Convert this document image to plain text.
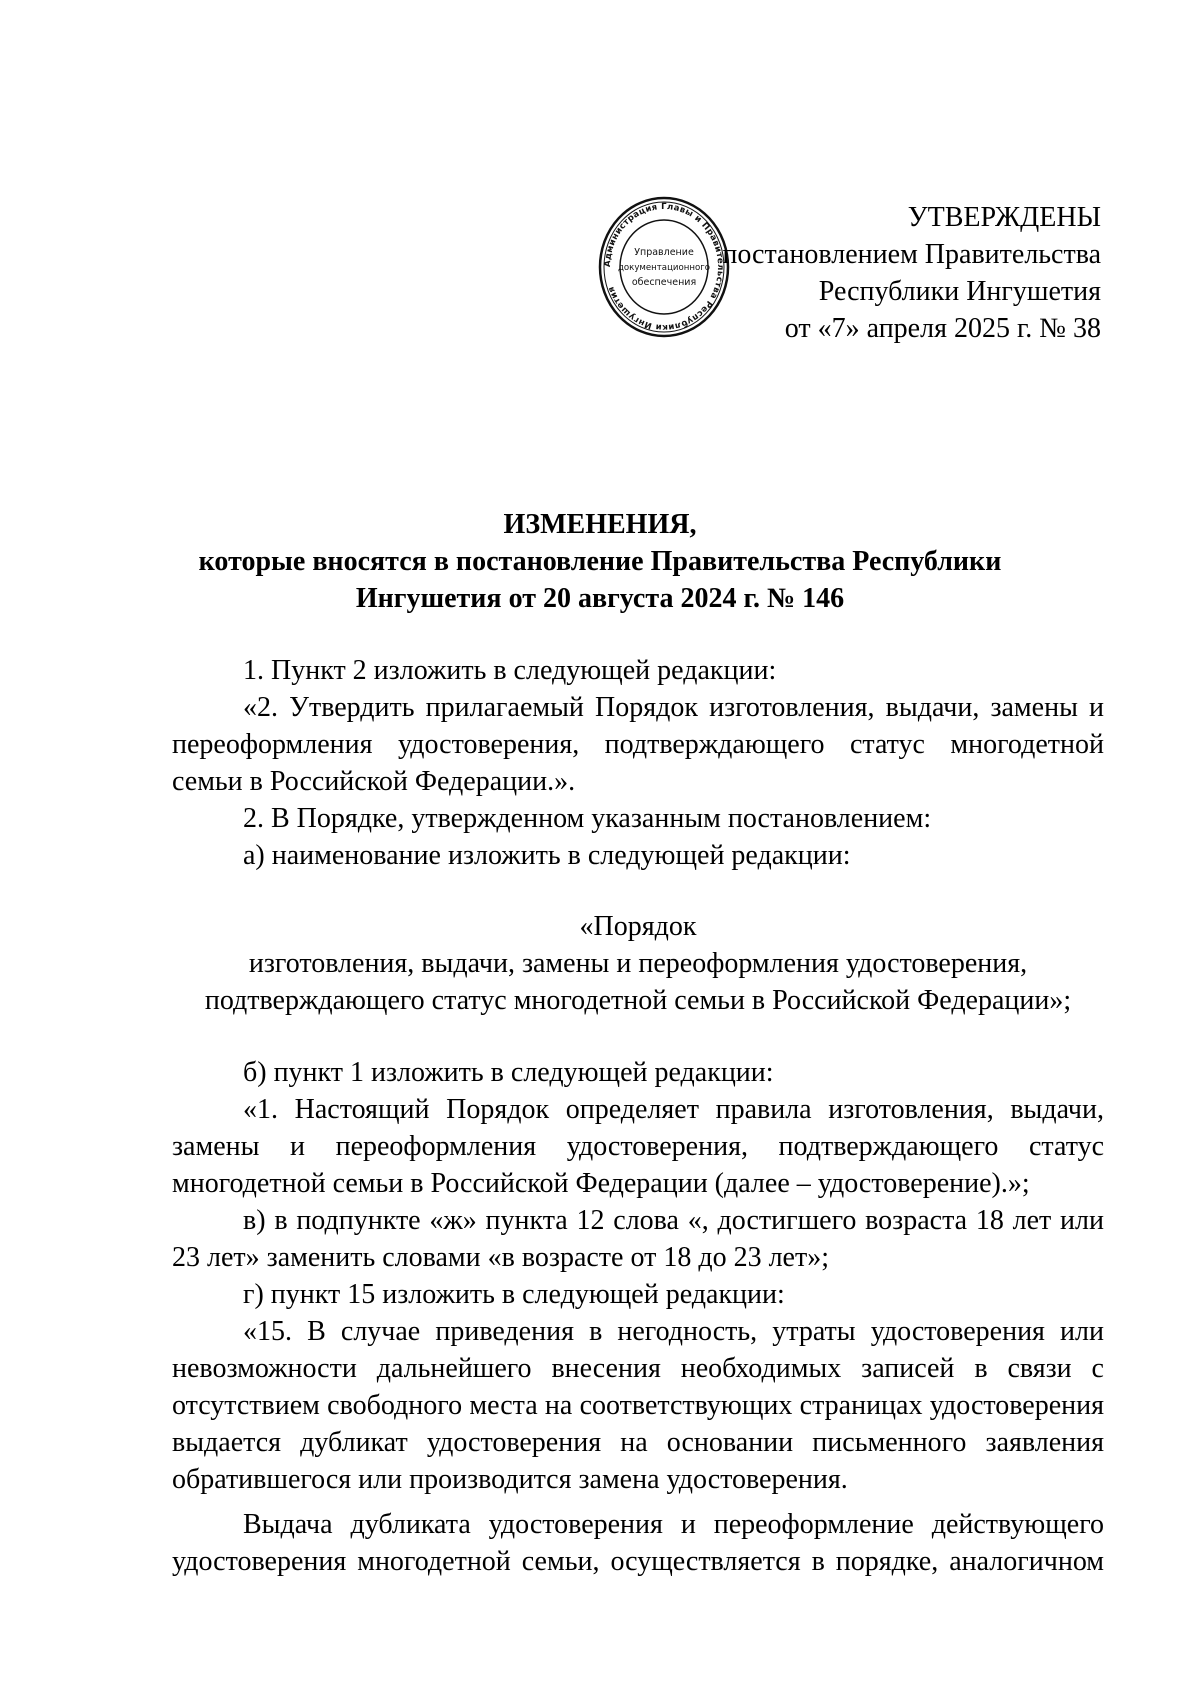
Администрация Главы и Правительства Республики Ингушетия
Управление
документационного
обеспечения
УТВЕРЖДЕНЫ
постановлением Правительства
Республики Ингушетия
от «7» апреля 2025 г. № 38
ИЗМЕНЕНИЯ,
которые вносятся в постановление Правительства Республики
Ингушетия от 20 августа 2024 г. № 146

1. Пункт 2 изложить в следующей редакции:

«2. Утвердить прилагаемый Порядок изготовления, выдачи, замены и переоформления удостоверения, подтверждающего статус многодетной семьи в Российской Федерации.».

2. В Порядке, утвержденном указанным постановлением:

а) наименование изложить в следующей редакции:

«Порядок
изготовления, выдачи, замены и переоформления удостоверения,
подтверждающего статус многодетной семьи в Российской Федерации»;

б) пункт 1 изложить в следующей редакции:

«1. Настоящий Порядок определяет правила изготовления, выдачи, замены и переоформления удостоверения, подтверждающего статус многодетной семьи в Российской Федерации (далее – удостоверение).»;

в) в подпункте «ж» пункта 12 слова «, достигшего возраста 18 лет или 23 лет» заменить словами «в возрасте от 18 до 23 лет»;

г) пункт 15 изложить в следующей редакции:

«15. В случае приведения в негодность, утраты удостоверения или невозможности дальнейшего внесения необходимых записей в связи с отсутствием свободного места на соответствующих страницах удостоверения выдается дубликат удостоверения на основании письменного заявления обратившегося или производится замена удостоверения.

Выдача дубликата удостоверения и переоформление действующего удостоверения многодетной семьи, осуществляется в порядке, аналогичном
